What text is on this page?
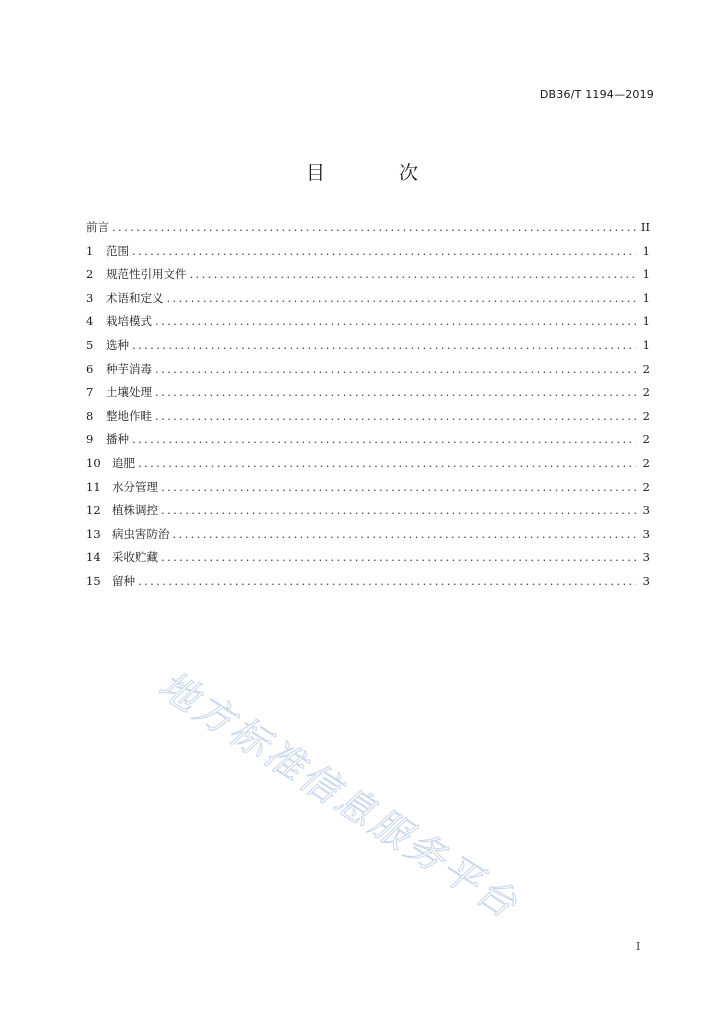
DB36/T 1194—2019
目 次
前言 .....	II
1	范围 .....	1
2	规范性引用文件 .....	1
3	术语和定义 .....	1
4	栽培模式 .....	1
5	选种 .....	1
6	种芋消毒 .....	2
7	土壤处理 .....	2
8	整地作畦 .....	2
9	播种 .....	2
10 追肥 .....	2
11 水分管理 .....	2
12 植株调控 .....	3
13 病虫害防治 .....	3
14 采收贮藏 .....	3
15 留种 .....	3
地方标准信息服务平台
I
